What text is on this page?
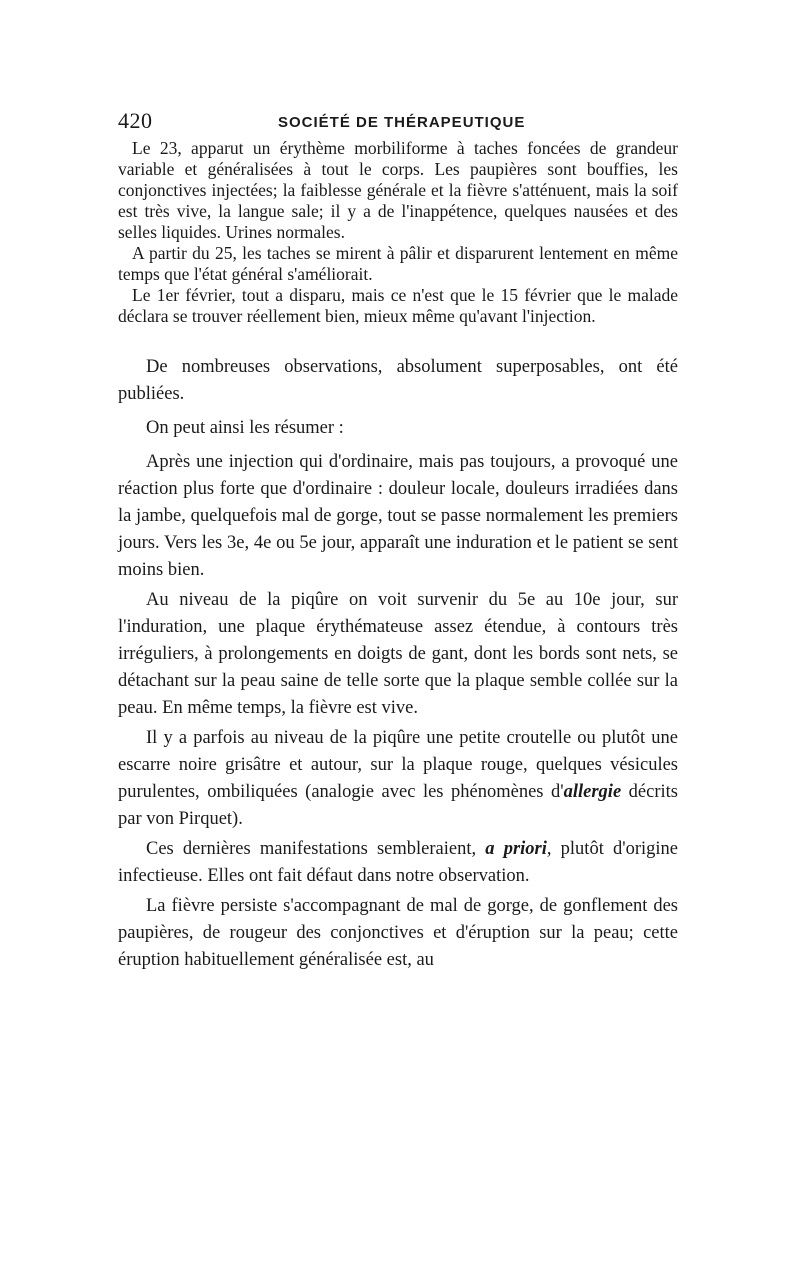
420	SOCIÉTÉ DE THÉRAPEUTIQUE

Le 23, apparut un érythème morbiliforme à taches foncées de grandeur variable et généralisées à tout le corps. Les paupières sont bouffies, les conjonctives injectées; la faiblesse générale et la fièvre s'atténuent, mais la soif est très vive, la langue sale; il y a de l'inappétence, quelques nausées et des selles liquides. Urines normales.

A partir du 25, les taches se mirent à pâlir et disparurent lentement en même temps que l'état général s'améliorait.

Le 1er février, tout a disparu, mais ce n'est que le 15 février que le malade déclara se trouver réellement bien, mieux même qu'avant l'injection.

De nombreuses observations, absolument superposables, ont été publiées.

On peut ainsi les résumer :

Après une injection qui d'ordinaire, mais pas toujours, a provoqué une réaction plus forte que d'ordinaire : douleur locale, douleurs irradiées dans la jambe, quelquefois mal de gorge, tout se passe normalement les premiers jours. Vers les 3e, 4e ou 5e jour, apparaît une induration et le patient se sent moins bien.

Au niveau de la piqûre on voit survenir du 5e au 10e jour, sur l'induration, une plaque érythémateuse assez étendue, à contours très irréguliers, à prolongements en doigts de gant, dont les bords sont nets, se détachant sur la peau saine de telle sorte que la plaque semble collée sur la peau. En même temps, la fièvre est vive.

Il y a parfois au niveau de la piqûre une petite croutelle ou plutôt une escarre noire grisâtre et autour, sur la plaque rouge, quelques vésicules purulentes, ombiliquées (analogie avec les phénomènes d'allergie décrits par von Pirquet).

Ces dernières manifestations sembleraient, a priori, plutôt d'origine infectieuse. Elles ont fait défaut dans notre observation.

La fièvre persiste s'accompagnant de mal de gorge, de gonflement des paupières, de rougeur des conjonctives et d'éruption sur la peau; cette éruption habituellement généralisée est, au
